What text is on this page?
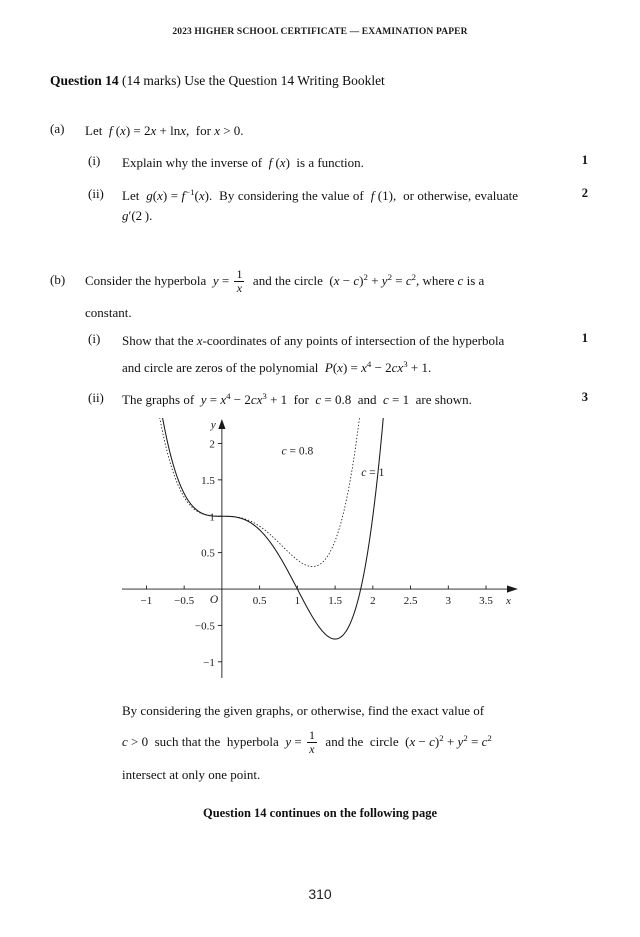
2023 HIGHER SCHOOL CERTIFICATE — EXAMINATION PAPER
Question 14 (14 marks) Use the Question 14 Writing Booklet
(a) Let  f (x) = 2x + lnx,  for x > 0.
(i) Explain why the inverse of  f (x)  is a function.	1
(ii) Let  $g(x) = f^{-1}(x)$.  By considering the value of  f (1),  or otherwise, evaluate g′(2 ).
2
(b) Consider the hyperbola  $y = \frac{1}{x}$ and the circle  $(x - c)^2 + y^2 = c^2$, where c is a
constant.
(i) Show that the x-coordinates of any points of intersection of the hyperbola
and circle are zeros of the polynomial  $P(x) = x^4 - 2cx^3 + 1$.
1
(ii) The graphs of  $y = x^4 - 2cx^3 + 1$  for  c = 0.8  and  c = 1  are shown.	3
x
y
O
−1 −0.5	0.5	1	1.5	2	2.5	3	3.5
2
1.5
1
0.5
−0.5
−1
c = 0.8
c = 1
By considering the given graphs, or otherwise, find the exact value of
c > 0  such that the  hyperbola  $y = \frac{1}{x}$ and the  circle  $(x - c)^2 + y^2 = c^2$
intersect at only one point.
Question 14 continues on the following page
310
